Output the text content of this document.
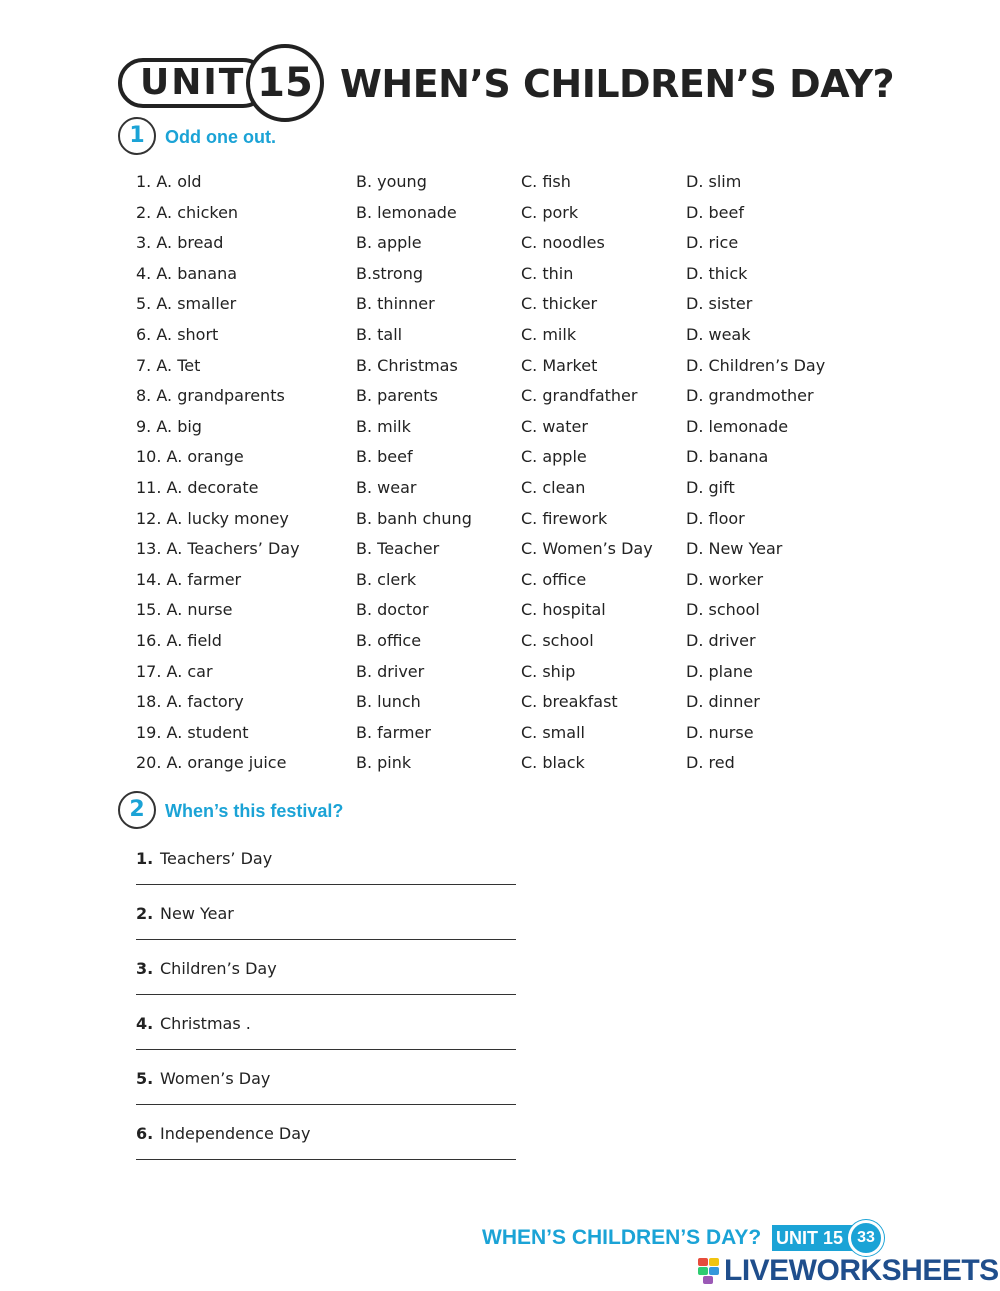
UNIT 15 WHEN’S CHILDREN’S DAY?
1	Odd one out.
1. A. old	B. young	C. fish	D. slim
2. A. chicken	B. lemonade	C. pork	D. beef
3. A. bread	B. apple	C. noodles	D. rice
4. A. banana	B.strong	C. thin	D. thick
5. A. smaller	B. thinner	C. thicker	D. sister
6. A. short	B. tall	C. milk	D. weak
7. A. Tet	B. Christmas	C. Market	D. Children’s Day
8. A. grandparents	B. parents	C. grandfather	D. grandmother
9. A. big	B. milk	C. water	D. lemonade
10. A. orange	B. beef	C. apple	D. banana
11. A. decorate	B. wear	C. clean	D. gift
12. A. lucky money	B. banh chung	C. firework	D. floor
13. A. Teachers’ Day	B. Teacher	C. Women’s Day D. New Year
14. A. farmer	B. clerk	C. office	D. worker
15. A. nurse	B. doctor	C. hospital	D. school
16. A. field	B. office	C. school	D. driver
17. A. car	B. driver	C. ship	D. plane
18. A. factory	B. lunch	C. breakfast	D. dinner
19. A. student	B. farmer	C. small	D. nurse
20. A. orange juice	B. pink	C. black	D. red
2	When’s this festival?
1. Teachers’ Day
2. New Year
3. Children’s Day
4. Christmas .
5. Women’s Day
6. Independence Day
WHEN’S CHILDREN’S DAY? UNIT 15 33
LIVEWORKSHEETS
